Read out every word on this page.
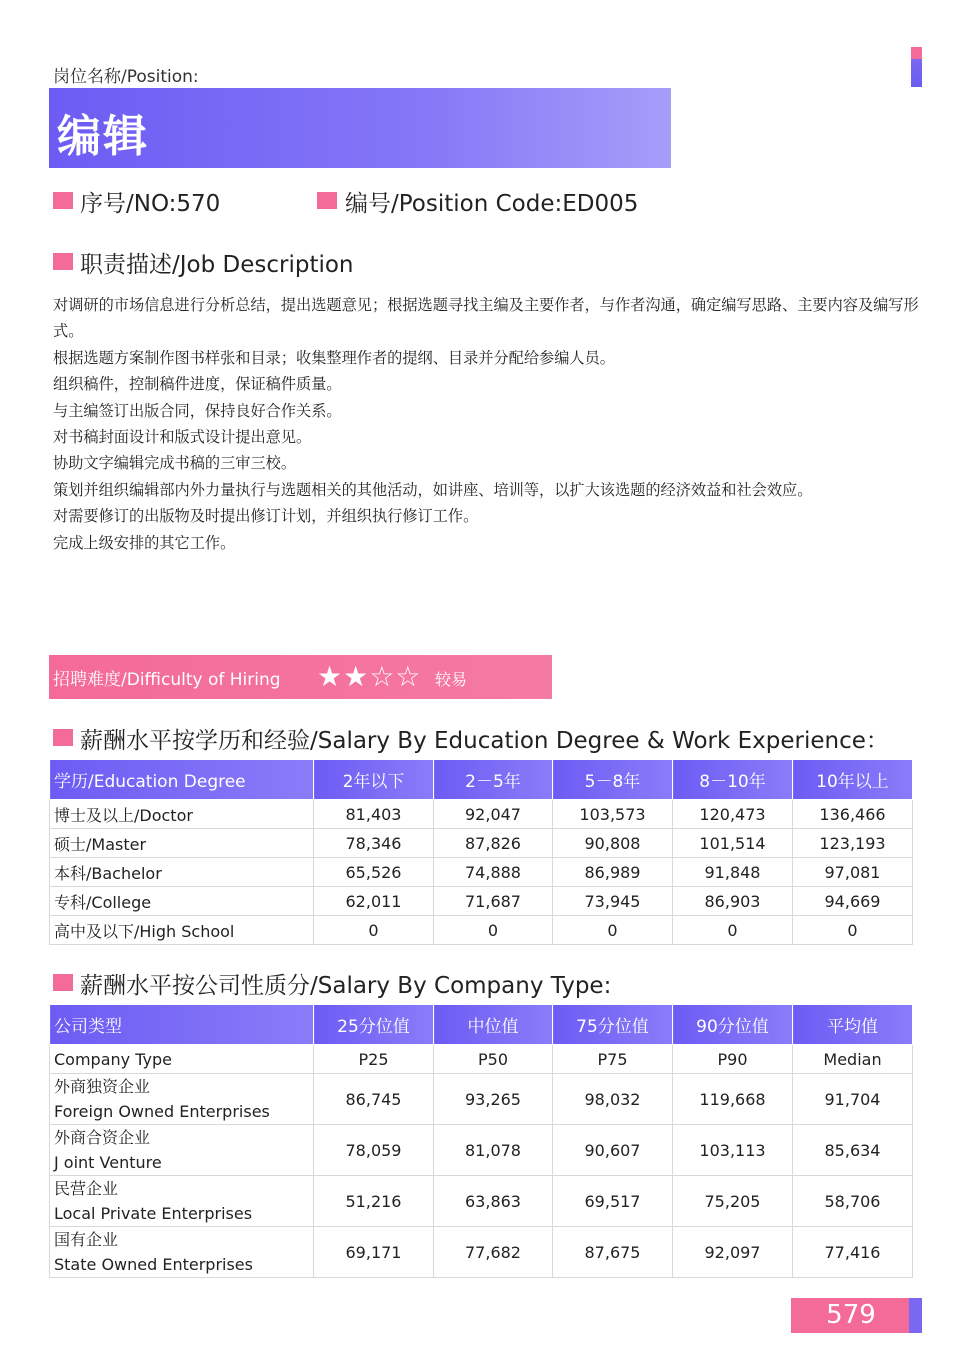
岗位名称/Position:
编辑
序号/NO:570	编号/Position Code:ED005
职责描述/Job Description
对调研的市场信息进行分析总结，提出选题意见；根据选题寻找主编及主要作者，与作者沟通，确定编写思路、主要内容及编写形式。
根据选题方案制作图书样张和目录；收集整理作者的提纲、目录并分配给参编人员。
组织稿件，控制稿件进度，保证稿件质量。
与主编签订出版合同，保持良好合作关系。
对书稿封面设计和版式设计提出意见。
协助文字编辑完成书稿的三审三校。
策划并组织编辑部内外力量执行与选题相关的其他活动，如讲座、培训等，以扩大该选题的经济效益和社会效应。
对需要修订的出版物及时提出修订计划，并组织执行修订工作。
完成上级安排的其它工作。
招聘难度/Difficulty of Hiring ★★☆☆ 较易
薪酬水平按学历和经验/Salary By Education Degree & Work Experience：
学历/Education Degree	2年以下	2－5年	5－8年	8－10年	10年以上
博士及以上/Doctor	81,403	92,047	103,573	120,473	136,466
硕士/Master	78,346	87,826	90,808	101,514	123,193
本科/Bachelor	65,526	74,888	86,989	91,848	97,081
专科/College	62,011	71,687	73,945	86,903	94,669
高中及以下/High School	0	0	0	0	0
薪酬水平按公司性质分/Salary By Company Type:
公司类型	25分位值	中位值	75分位值	90分位值	平均值
Company Type	P25	P50	P75	P90	Median

外商独资企业
Foreign Owned Enterprises	86,745	93,265	98,032	119,668	91,704

外商合资企业
J oint Venture	78,059	81,078	90,607	103,113	85,634

民营企业
Local Private Enterprises	51,216	63,863	69,517	75,205	58,706

国有企业
State Owned Enterprises	69,171	77,682	87,675	92,097	77,416
579
